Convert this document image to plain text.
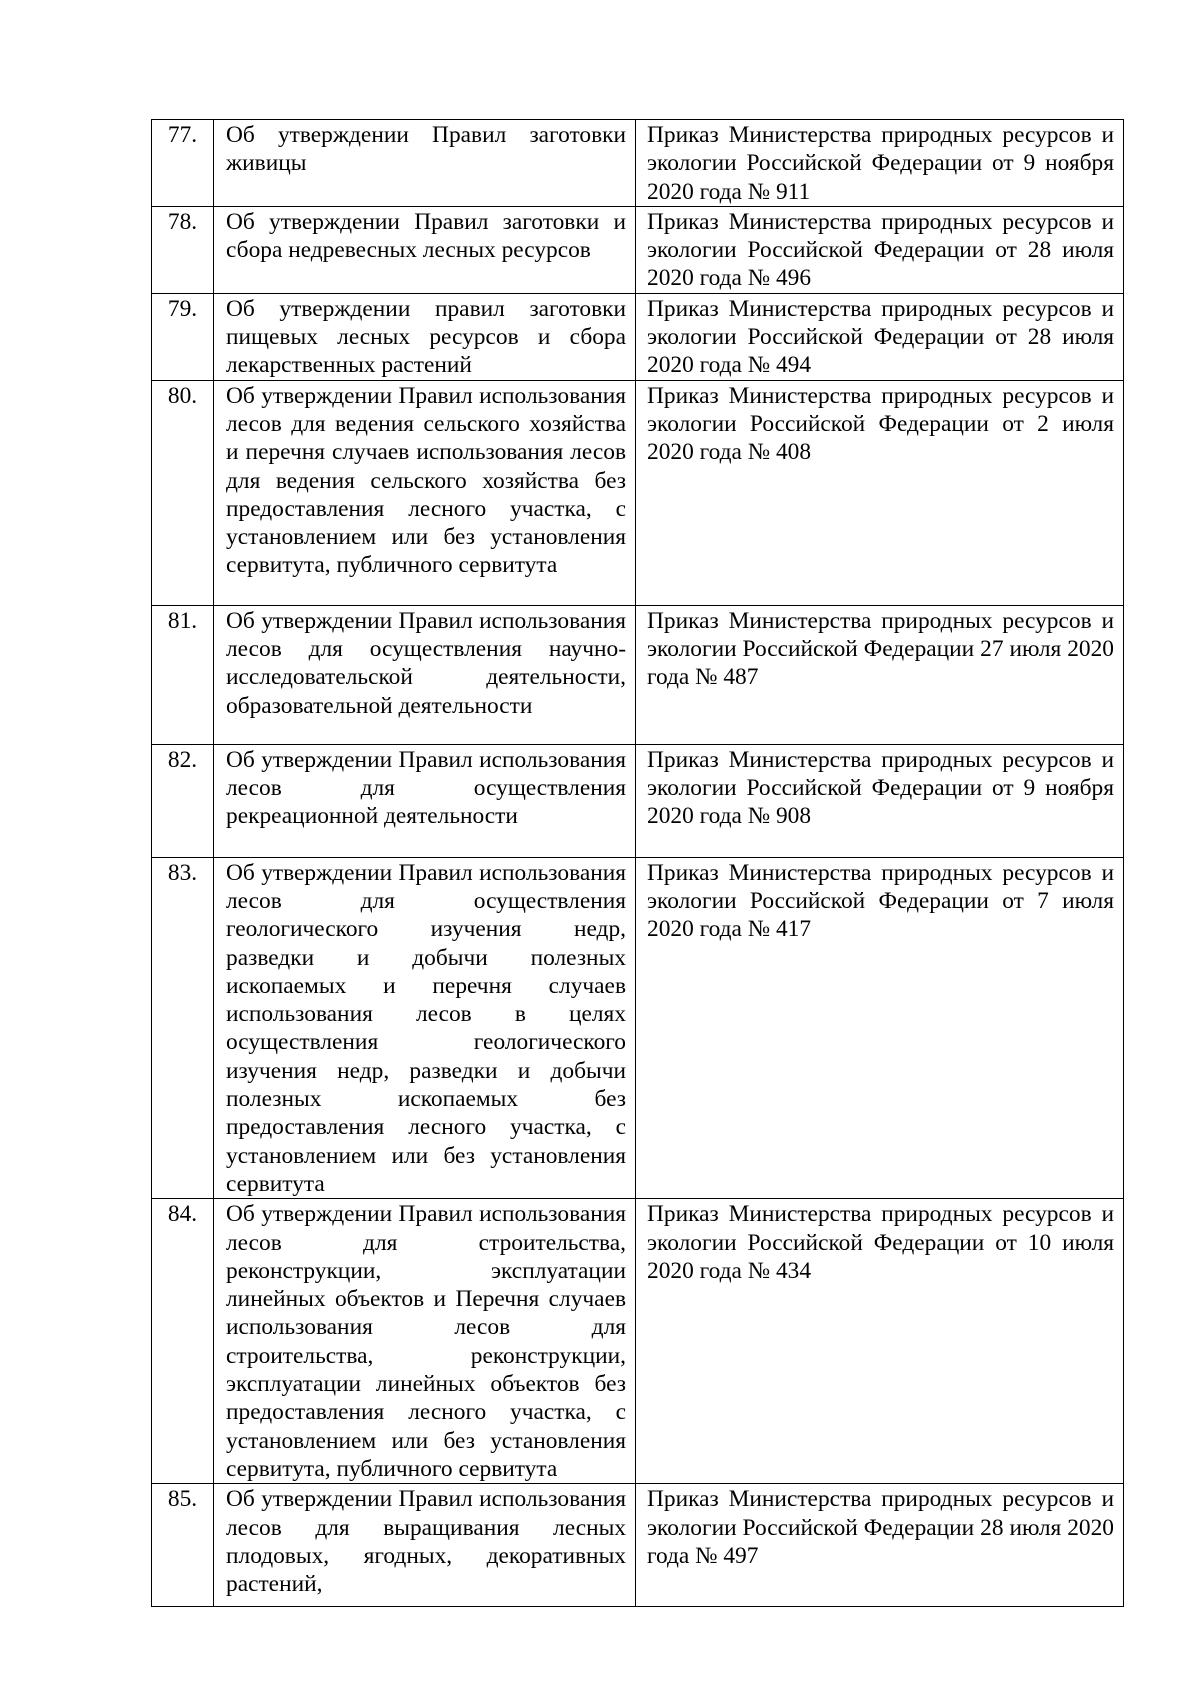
77.	Об утверждении Правил заготовки живицы	Приказ Министерства природных ресурсов и экологии Российской Федерации от 9 ноября 2020 года № 911
78.	Об утверждении Правил заготовки и сбора недревесных лесных ресурсов	Приказ Министерства природных ресурсов и экологии Российской Федерации от 28 июля 2020 года № 496
79.	Об утверждении правил заготовки пищевых лесных ресурсов и сбора лекарственных растений	Приказ Министерства природных ресурсов и экологии Российской Федерации от 28 июля 2020 года № 494
80.	Об утверждении Правил использования лесов для ведения сельского хозяйства и перечня случаев использования лесов для ведения сельского хозяйства без предоставления лесного участка, с установлением или без установления сервитута, публичного сервитута	Приказ Министерства природных ресурсов и экологии Российской Федерации от 2 июля 2020 года № 408
81.	Об утверждении Правил использования лесов для осуществления научно-исследовательской деятельности, образовательной деятельности	Приказ Министерства природных ресурсов и экологии Российской Федерации 27 июля 2020 года № 487
82.	Об утверждении Правил использования лесов для осуществления рекреационной деятельности	Приказ Министерства природных ресурсов и экологии Российской Федерации от 9 ноября 2020 года № 908
83.	Об утверждении Правил использования лесов для осуществления геологического изучения недр, разведки и добычи полезных ископаемых и перечня случаев использования лесов в целях осуществления геологического изучения недр, разведки и добычи полезных ископаемых без предоставления лесного участка, с установлением или без установления сервитута	Приказ Министерства природных ресурсов и экологии Российской Федерации от 7 июля 2020 года № 417
84.	Об утверждении Правил использования лесов для строительства, реконструкции, эксплуатации линейных объектов и Перечня случаев использования лесов для строительства, реконструкции, эксплуатации линейных объектов без предоставления лесного участка, с установлением или без установления сервитута, публичного сервитута	Приказ Министерства природных ресурсов и экологии Российской Федерации от 10 июля 2020 года № 434
85.	Об утверждении Правил использования лесов для выращивания лесных плодовых, ягодных, декоративных растений,	Приказ Министерства природных ресурсов и экологии Российской Федерации 28 июля 2020 года № 497
